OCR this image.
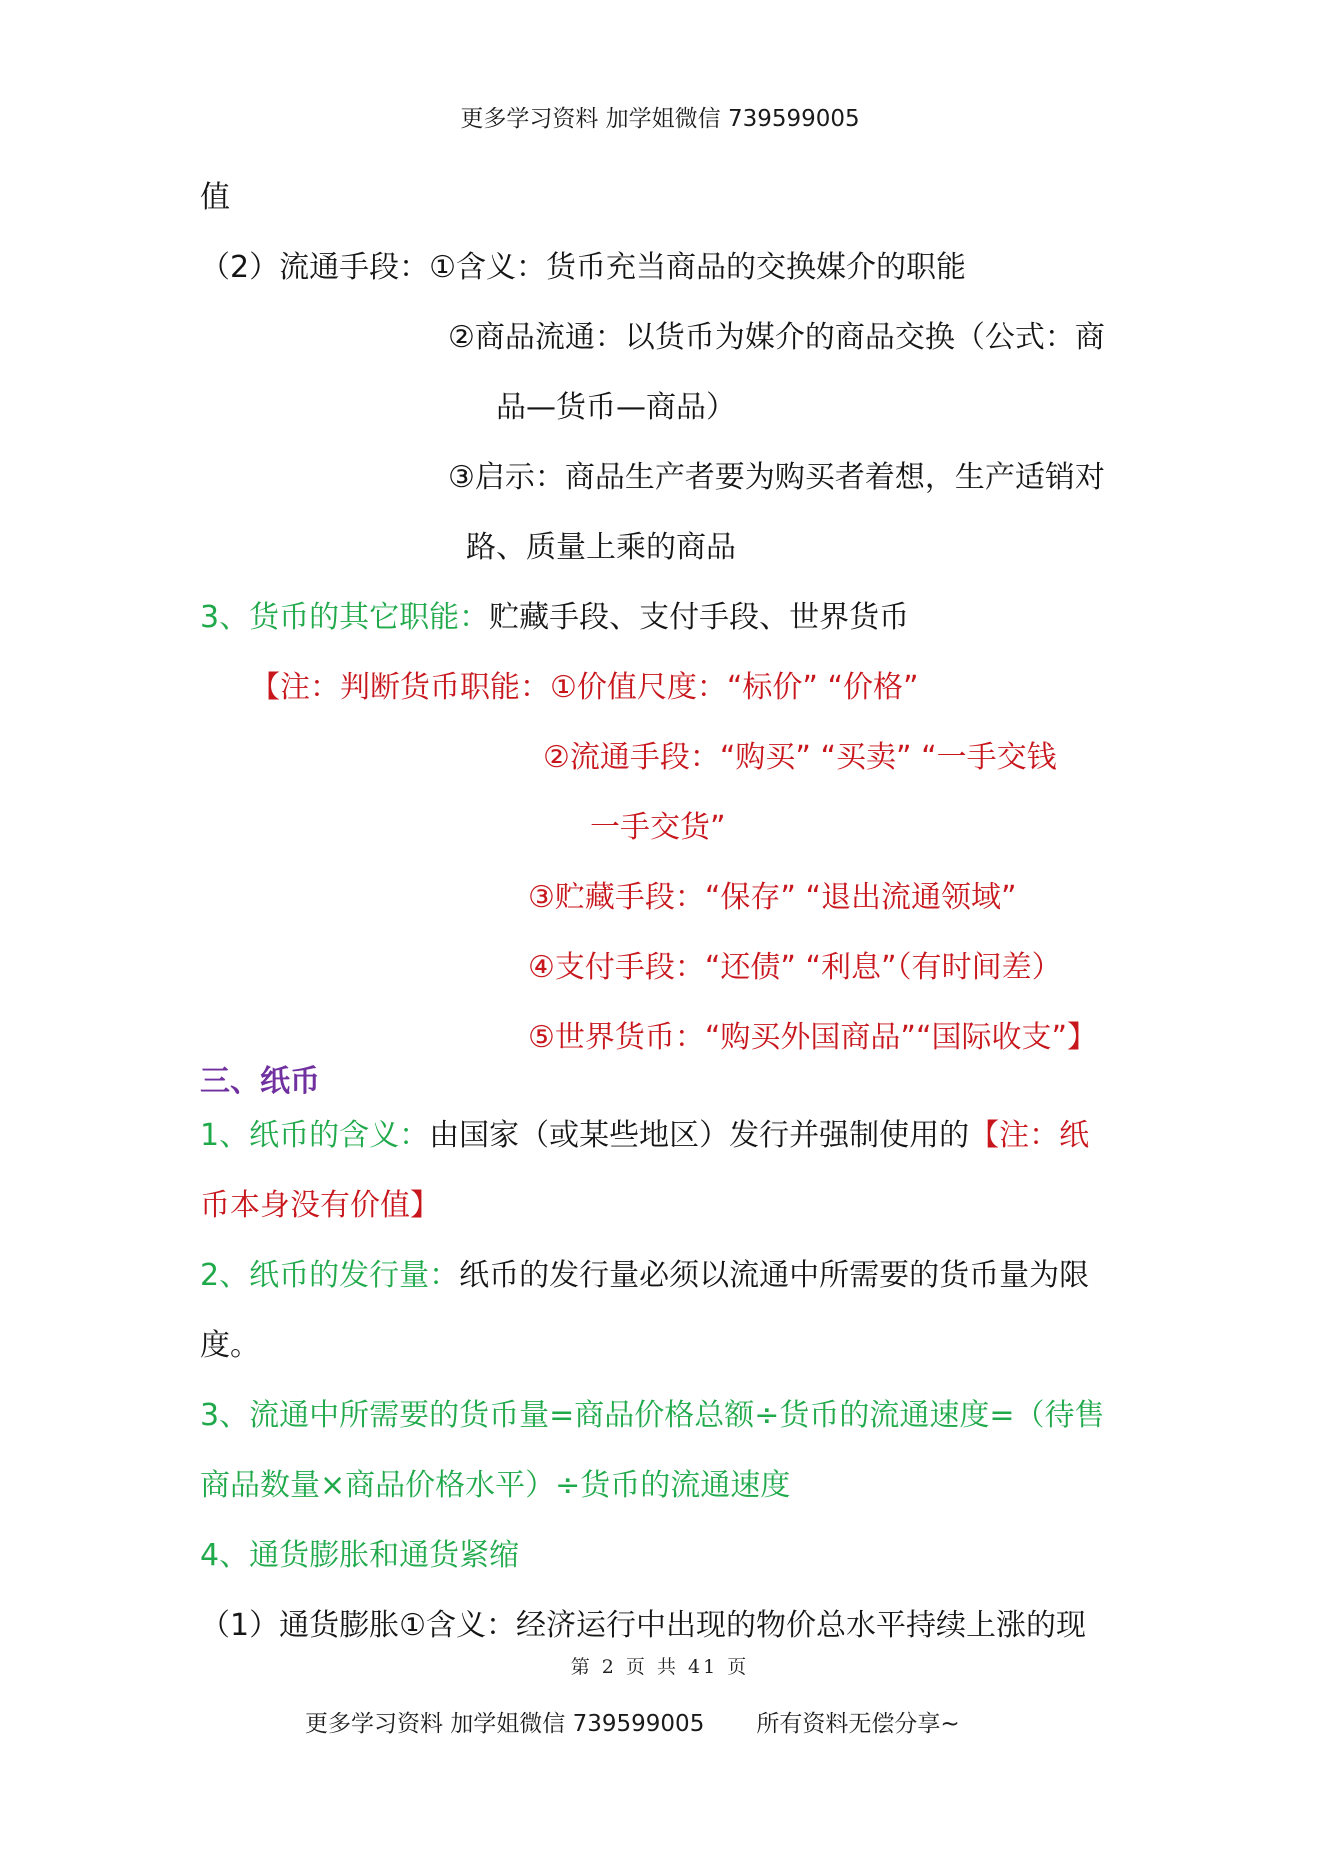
更多学习资料 加学姐微信 739599005
值
（2）流通手段：①含义：货币充当商品的交换媒介的职能
②商品流通：以货币为媒介的商品交换（公式：商
品—货币—商品）
③启示：商品生产者要为购买者着想，生产适销对
路、质量上乘的商品
3、货币的其它职能：贮藏手段、支付手段、世界货币
【注：判断货币职能：①价值尺度：“标价” “价格”
②流通手段：“购买” “买卖” “一手交钱
一手交货”
③贮藏手段：“保存” “退出流通领域”
④支付手段：“还债” “利息”（有时间差）
⑤世界货币：“购买外国商品”“国际收支”】
三、纸币
1、纸币的含义：由国家（或某些地区）发行并强制使用的【注：纸
币本身没有价值】
2、纸币的发行量：纸币的发行量必须以流通中所需要的货币量为限
度。
3、流通中所需要的货币量=商品价格总额÷货币的流通速度=（待售
商品数量×商品价格水平）÷货币的流通速度
4、通货膨胀和通货紧缩
（1）通货膨胀①含义：经济运行中出现的物价总水平持续上涨的现
第 2 页 共 41 页
更多学习资料 加学姐微信 739599005 所有资料无偿分享~
